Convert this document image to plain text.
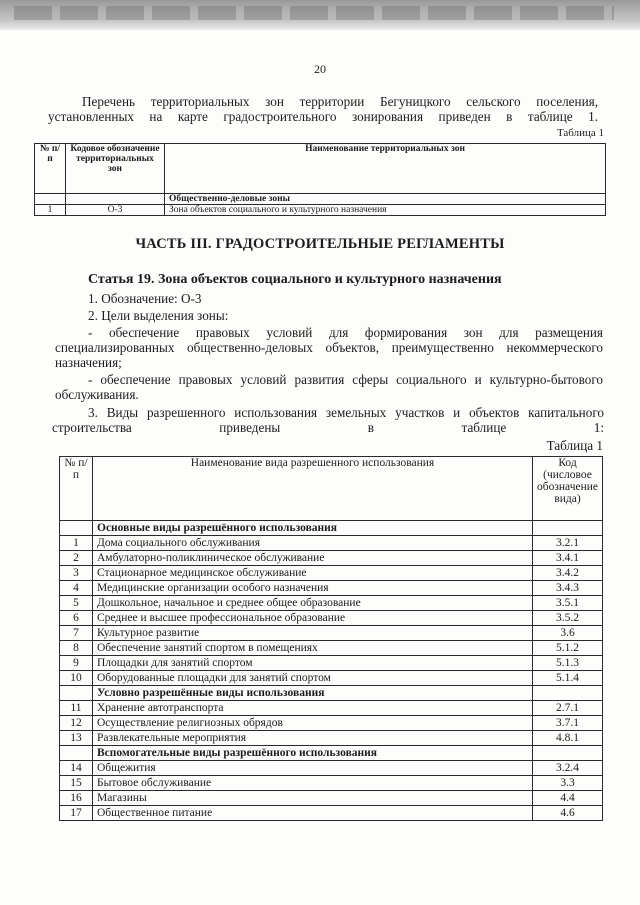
20
Перечень территориальных зон территории Бегуницкого сельского поселения, установленных на карте градостроительного зонирования приведен в таблице 1.
Таблица 1
№ п/п	Кодовое обозначение территориальных зон	Наименование территориальных зон
		Общественно-деловые зоны
1	О-3	Зона объектов социального и культурного назначения
ЧАСТЬ III. ГРАДОСТРОИТЕЛЬНЫЕ РЕГЛАМЕНТЫ
Статья 19. Зона объектов социального и культурного назначения
1. Обозначение: О-3
2. Цели выделения зоны:
- обеспечение правовых условий для формирования зон для размещения специализированных общественно-деловых объектов, преимущественно некоммерческого назначения;
- обеспечение правовых условий развития сферы социального и культурно-бытового обслуживания.
3. Виды разрешенного использования земельных участков и объектов капитального строительства приведены в таблице 1:
Таблица 1
№ п/п	Наименование вида разрешенного использования	Код (числовое обозначение вида)
	Основные виды разрешённого использования	
1	Дома социального обслуживания	3.2.1
2	Амбулаторно-поликлиническое обслуживание	3.4.1
3	Стационарное медицинское обслуживание	3.4.2
4	Медицинские организации особого назначения	3.4.3
5	Дошкольное, начальное и среднее общее образование	3.5.1
6	Среднее и высшее профессиональное образование	3.5.2
7	Культурное развитие	3.6
8	Обеспечение занятий спортом в помещениях	5.1.2
9	Площадки для занятий спортом	5.1.3
10	Оборудованные площадки для занятий спортом	5.1.4
	Условно разрешённые виды использования	
11	Хранение автотранспорта	2.7.1
12	Осуществление религиозных обрядов	3.7.1
13	Развлекательные мероприятия	4.8.1
	Вспомогательные виды разрешённого использования	
14	Общежития	3.2.4
15	Бытовое обслуживание	3.3
16	Магазины	4.4
17	Общественное питание	4.6
